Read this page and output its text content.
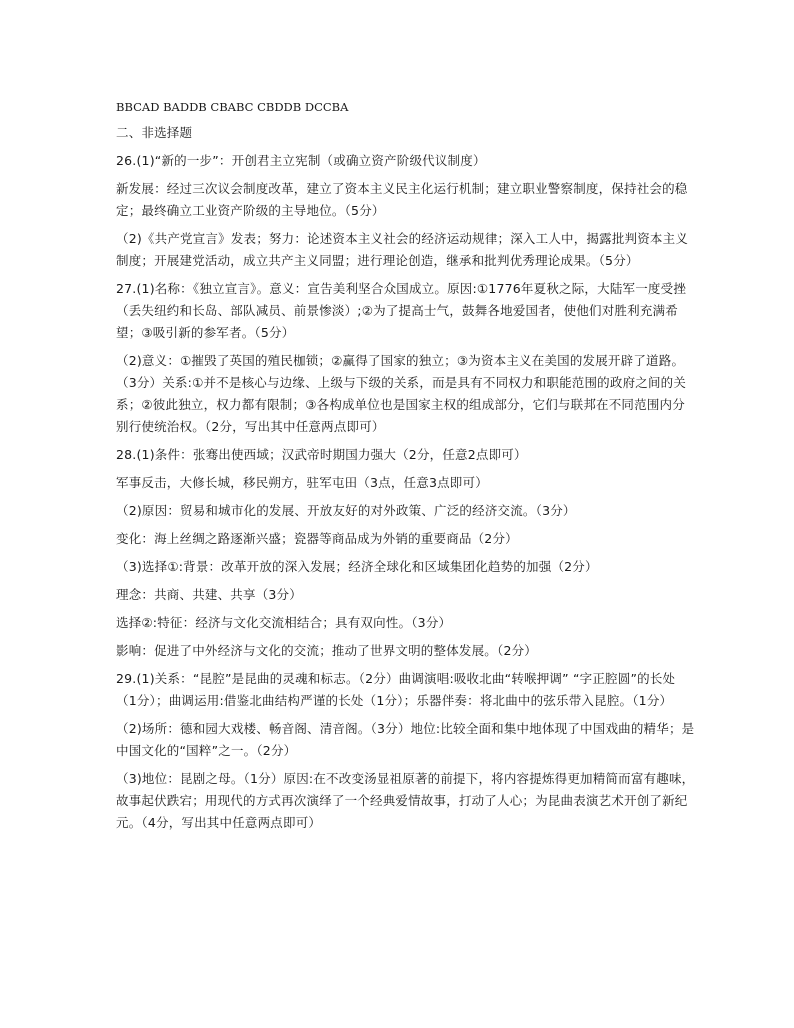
BBCAD BADDB CBABC CBDDB DCCBA

二、非选择题

26.(1)“新的一步”：开创君主立宪制（或确立资产阶级代议制度）

新发展：经过三次议会制度改革，建立了资本主义民主化运行机制；建立职业警察制度，保持社会的稳定；最终确立工业资产阶级的主导地位。（5分）

（2)《共产党宣言》发表；努力：论述资本主义社会的经济运动规律；深入工人中，揭露批判资本主义制度；开展建党活动，成立共产主义同盟；进行理论创造，继承和批判优秀理论成果。（5分）

27.(1)名称：《独立宣言》。意义：宣告美利坚合众国成立。原因:①1776年夏秋之际，大陆军一度受挫（丢失纽约和长岛、部队减员、前景惨淡）;②为了提高士气，鼓舞各地爱国者，使他们对胜利充满希望；③吸引新的参军者。（5分）

（2)意义：①摧毁了英国的殖民枷锁；②赢得了国家的独立；③为资本主义在美国的发展开辟了道路。（3分）关系:①并不是核心与边缘、上级与下级的关系，而是具有不同权力和职能范围的政府之间的关系；②彼此独立，权力都有限制；③各构成单位也是国家主权的组成部分，它们与联邦在不同范围内分别行使统治权。（2分，写出其中任意两点即可）

28.(1)条件：张骞出使西域；汉武帝时期国力强大（2分，任意2点即可）

军事反击，大修长城，移民朔方，驻军屯田（3点，任意3点即可）

（2)原因：贸易和城市化的发展、开放友好的对外政策、广泛的经济交流。（3分）

变化：海上丝绸之路逐渐兴盛；瓷器等商品成为外销的重要商品（2分）

（3)选择①:背景：改革开放的深入发展；经济全球化和区域集团化趋势的加强（2分）

理念：共商、共建、共享（3分）

选择②:特征：经济与文化交流相结合；具有双向性。（3分）

影响：促进了中外经济与文化的交流；推动了世界文明的整体发展。（2分）

29.(1)关系：“昆腔”是昆曲的灵魂和标志。（2分）曲调演唱:吸收北曲“转喉押调” “字正腔圆”的长处（1分）；曲调运用:借鉴北曲结构严谨的长处（1分）；乐器伴奏：将北曲中的弦乐带入昆腔。（1分）

（2)场所：德和园大戏楼、畅音阁、清音阁。（3分）地位:比较全面和集中地体现了中国戏曲的精华；是中国文化的“国粹”之一。（2分）

（3)地位：昆剧之母。（1分）原因:在不改变汤显祖原著的前提下，将内容提炼得更加精简而富有趣味，故事起伏跌宕；用现代的方式再次演绎了一个经典爱情故事，打动了人心；为昆曲表演艺术开创了新纪元。（4分，写出其中任意两点即可）
